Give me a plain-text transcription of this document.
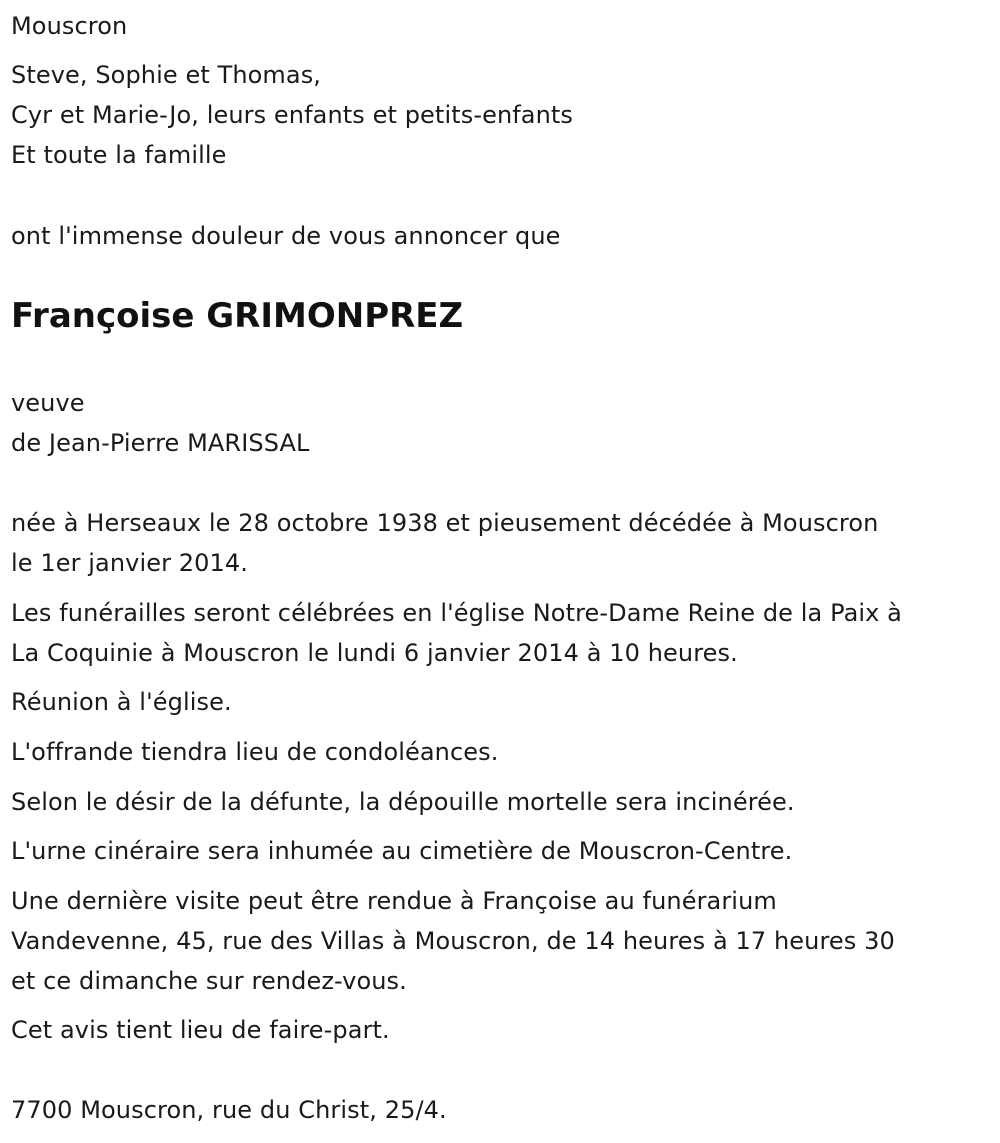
Mouscron
Steve, Sophie et Thomas,
Cyr et Marie-Jo, leurs enfants et petits-enfants
Et toute la famille
ont l'immense douleur de vous annoncer que
Françoise GRIMONPREZ
veuve
de Jean-Pierre MARISSAL
née à Herseaux le 28 octobre 1938 et pieusement décédée à Mouscron
le 1er janvier 2014.
Les funérailles seront célébrées en l'église Notre-Dame Reine de la Paix à
La Coquinie à Mouscron le lundi 6 janvier 2014 à 10 heures.
Réunion à l'église.
L'offrande tiendra lieu de condoléances.
Selon le désir de la défunte, la dépouille mortelle sera incinérée.
L'urne cinéraire sera inhumée au cimetière de Mouscron-Centre.
Une dernière visite peut être rendue à Françoise au funérarium
Vandevenne, 45, rue des Villas à Mouscron, de 14 heures à 17 heures 30
et ce dimanche sur rendez-vous.
Cet avis tient lieu de faire-part.
7700 Mouscron, rue du Christ, 25/4.
